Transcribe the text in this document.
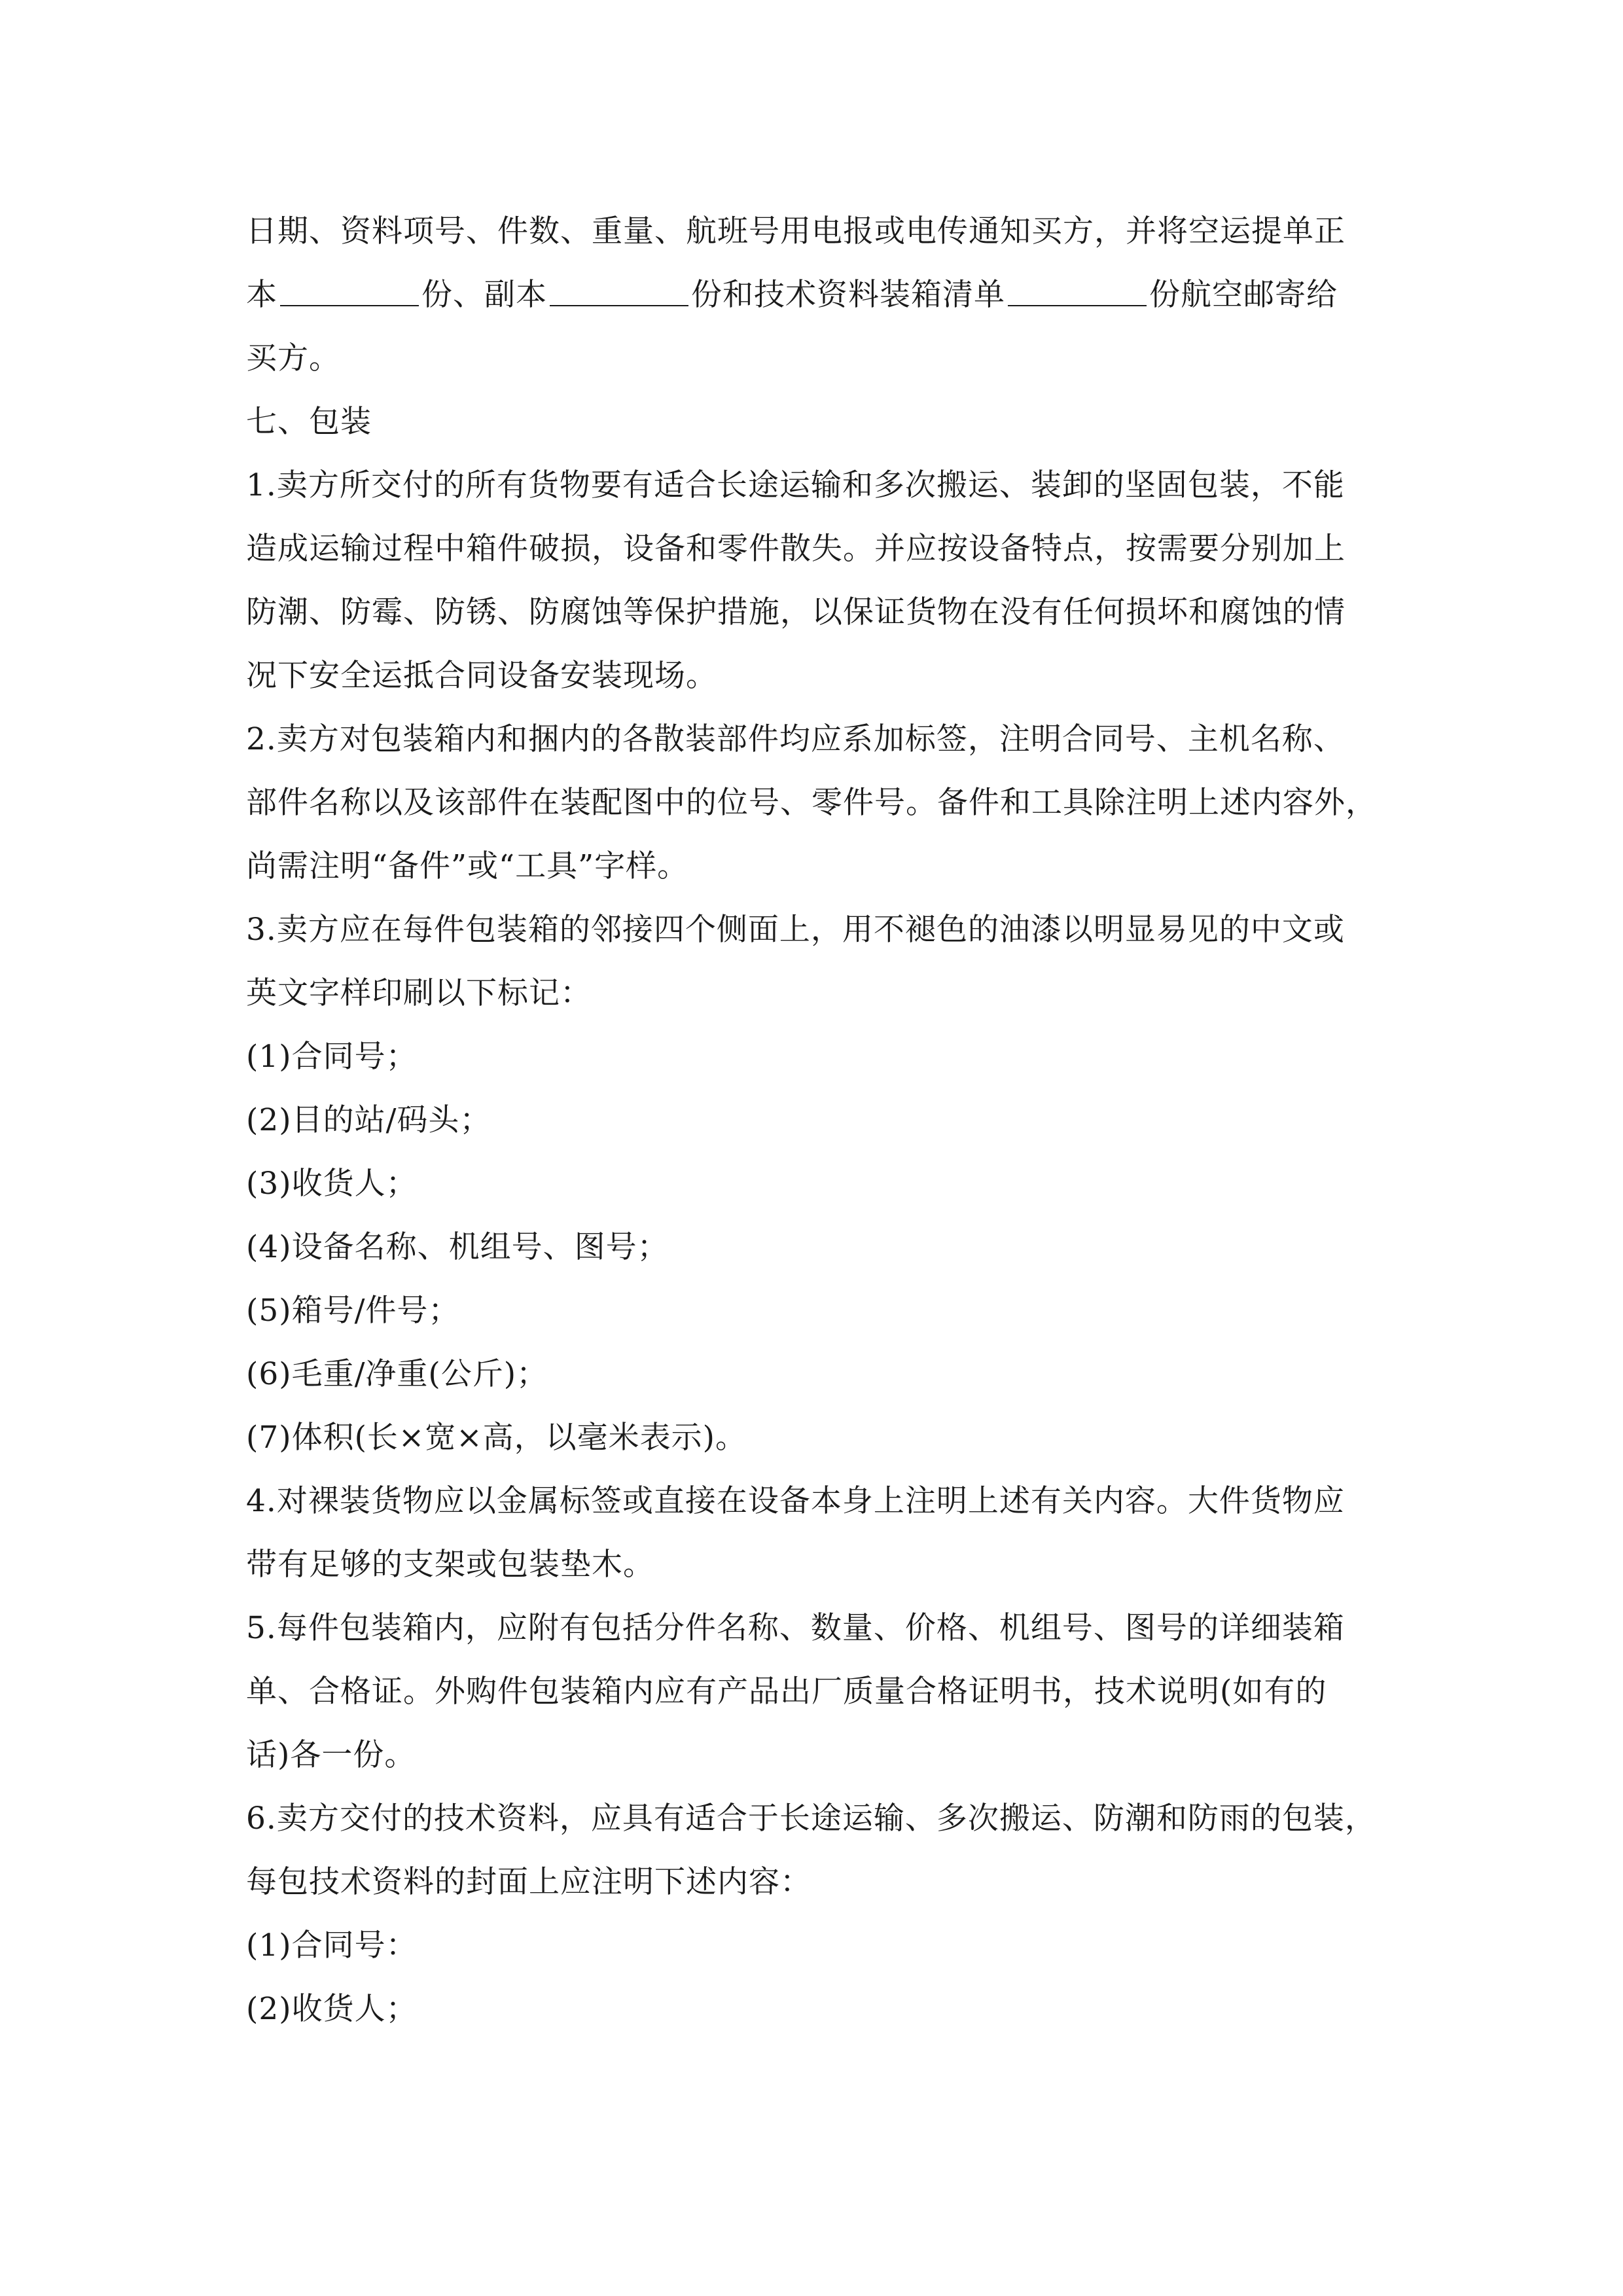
日期、资料项号、件数、重量、航班号用电报或电传通知买方，并将空运提单正
本	份、副本	份和技术资料装箱清单	份航空邮寄给
买方。
七、包装
1.卖方所交付的所有货物要有适合长途运输和多次搬运、装卸的坚固包装，不能
造成运输过程中箱件破损，设备和零件散失。并应按设备特点，按需要分别加上
防潮、防霉、防锈、防腐蚀等保护措施，以保证货物在没有任何损坏和腐蚀的情
况下安全运抵合同设备安装现场。
2.卖方对包装箱内和捆内的各散装部件均应系加标签，注明合同号、主机名称、
部件名称以及该部件在装配图中的位号、零件号。备件和工具除注明上述内容外，
尚需注明“备件”或“工具”字样。
3.卖方应在每件包装箱的邻接四个侧面上，用不褪色的油漆以明显易见的中文或
英文字样印刷以下标记：
(1)合同号；
(2)目的站/码头；
(3)收货人；
(4)设备名称、机组号、图号；
(5)箱号/件号；
(6)毛重/净重(公斤)；
(7)体积(长×宽×高，以毫米表示)。
4.对裸装货物应以金属标签或直接在设备本身上注明上述有关内容。大件货物应
带有足够的支架或包装垫木。
5.每件包装箱内，应附有包括分件名称、数量、价格、机组号、图号的详细装箱
单、合格证。外购件包装箱内应有产品出厂质量合格证明书，技术说明(如有的
话)各一份。
6.卖方交付的技术资料，应具有适合于长途运输、多次搬运、防潮和防雨的包装，
每包技术资料的封面上应注明下述内容：
(1)合同号：
(2)收货人；
